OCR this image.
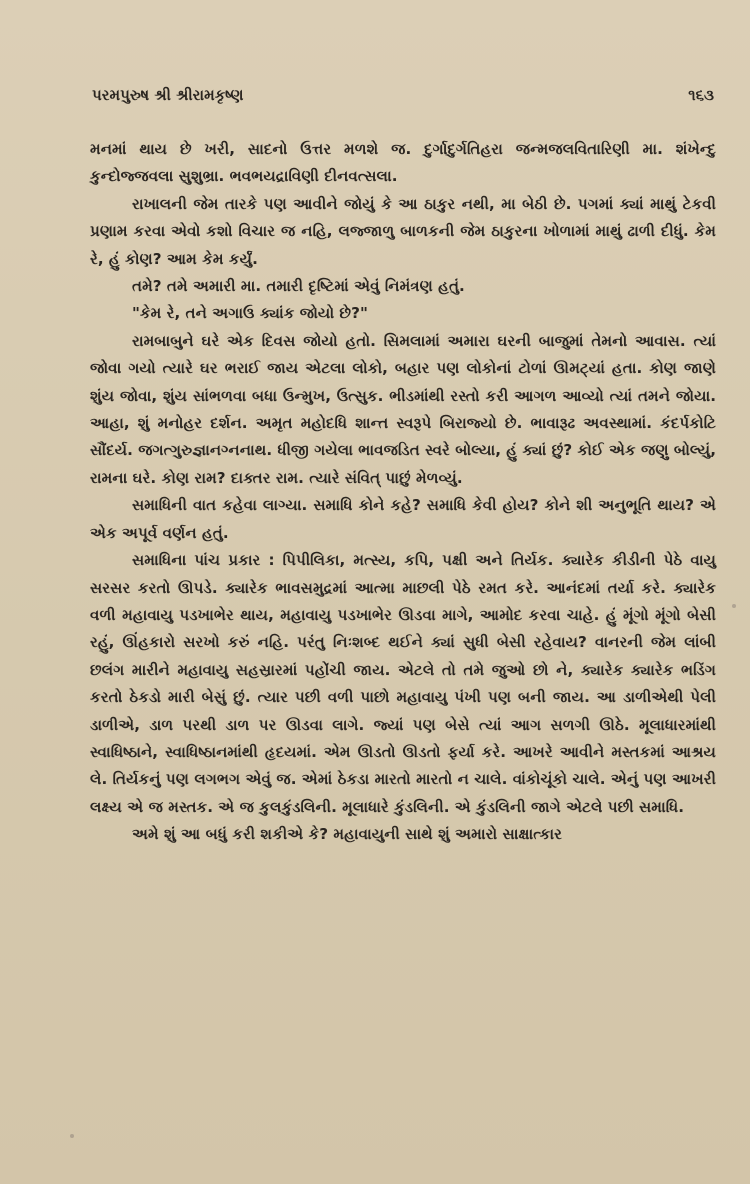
પરમપુરુષ શ્રી શ્રીરામકૃષ્ણ	૧૬૩

મનમાં થાય છે ખરી, સાદનો ઉત્તર મળશે જ. દુર્ગાદુર્ગતિહરા જન્મજલવિતારિણી મા. શંખેન્દુ કુન્દોજ્જવલા સુશુભ્રા. ભવભયદ્રાવિણી દીનવત્સલા.

રાખાલની જેમ તારકે પણ આવીને જોયું કે આ ઠાકુર નથી, મા બેઠી છે. પગમાં ક્યાં માથું ટેકવી પ્રણામ કરવા એવો કશો વિચાર જ નહિ, લજ્જાળુ બાળકની જેમ ઠાકુરના ખોળામાં માથું ઢાળી દીધું. કેમ રે, હું કોણ? આમ કેમ કર્યું.

તમે? તમે અમારી મા. તમારી દૃષ્ટિમાં એવું નિમંત્રણ હતું.

"કેમ રે, તને અગાઉ ક્યાંક જોયો છે?"

રામબાબુને ઘરે એક દિવસ જોયો હતો. સિમલામાં અમારા ઘરની બાજુમાં તેમનો આવાસ. ત્યાં જોવા ગયો ત્યારે ઘર ભરાઈ જાય એટલા લોકો, બહાર પણ લોકોનાં ટોળાં ઊમટ્યાં હતા. કોણ જાણે શુંય જોવા, શુંય સાંભળવા બધા ઉન્મુખ, ઉત્સુક. ભીડમાંથી રસ્તો કરી આગળ આવ્યો ત્યાં તમને જોયા. આહા, શું મનોહર દર્શન. અમૃત મહોદધિ શાન્ત સ્વરૂપે બિરાજ્યો છે. ભાવારૂઢ અવસ્થામાં. કંદર્પકોટિ સૌંદર્ય. જગત્ગુરુજ્ઞાનગ્નનાથ. ધીજી ગયેલા ભાવજડિત સ્વરે બોલ્યા, હું ક્યાં છું? કોઈ એક જણુ બોલ્યું, રામના ઘરે. કોણ રામ? દાક્તર રામ. ત્યારે સંવિત્ પાછું મેળવ્યું.

સમાધિની વાત કહેવા લાગ્યા. સમાધિ કોને કહે? સમાધિ કેવી હોય? કોને શી અનુભૂતિ થાય? એ એક અપૂર્વ વર્ણન હતું.

સમાધિના પાંચ પ્રકાર : પિપીલિકા, મત્સ્ય, કપિ, પક્ષી અને તિર્યક. ક્યારેક કીડીની પેઠે વાયુ સરસર કરતો ઊપડે. ક્યારેક ભાવસમુદ્રમાં આત્મા માછલી પેઠે રમત કરે. આનંદમાં તર્યા કરે. ક્યારેક વળી મહાવાયુ પડખાભેર થાય, મહાવાયુ પડખાભેર ઊડવા માગે, આમોદ કરવા ચાહે. હું મૂંગો મૂંગો બેસી રહું, ઊંહકારો સરખો કરું નહિ. પરંતુ નિઃશબ્દ થઈને ક્યાં સુધી બેસી રહેવાય? વાનરની જેમ લાંબી છલંગ મારીને મહાવાયુ સહસ્રારમાં પહોંચી જાય. એટલે તો તમે જુઓ છો ને, ક્યારેક ક્યારેક ભડિંગ કરતો ઠેકડો મારી બેસું છું. ત્યાર પછી વળી પાછો મહાવાયુ પંખી પણ બની જાય. આ ડાળીએથી પેલી ડાળીએ, ડાળ પરથી ડાળ પર ઊડવા લાગે. જ્યાં પણ બેસે ત્યાં આગ સળગી ઊઠે. મૂલાધારમાંથી સ્વાધિષ્ઠાને, સ્વાધિષ્ઠાનમાંથી હૃદયમાં. એમ ઊડતો ઊડતો ફર્યા કરે. આખરે આવીને મસ્તકમાં આશ્રય લે. તિર્યકનું પણ લગભગ એવું જ. એમાં ઠેકડા મારતો મારતો ન ચાલે. વાંકોચૂંકો ચાલે. એનું પણ આખરી લક્ષ્ય એ જ મસ્તક. એ જ કુલકુંડલિની. મૂલાધારે કુંડલિની. એ કુંડલિની જાગે એટલે પછી સમાધિ.

અમે શું આ બધું કરી શકીએ કે? મહાવાયુની સાથે શું અમારો સાક્ષાત્કાર
